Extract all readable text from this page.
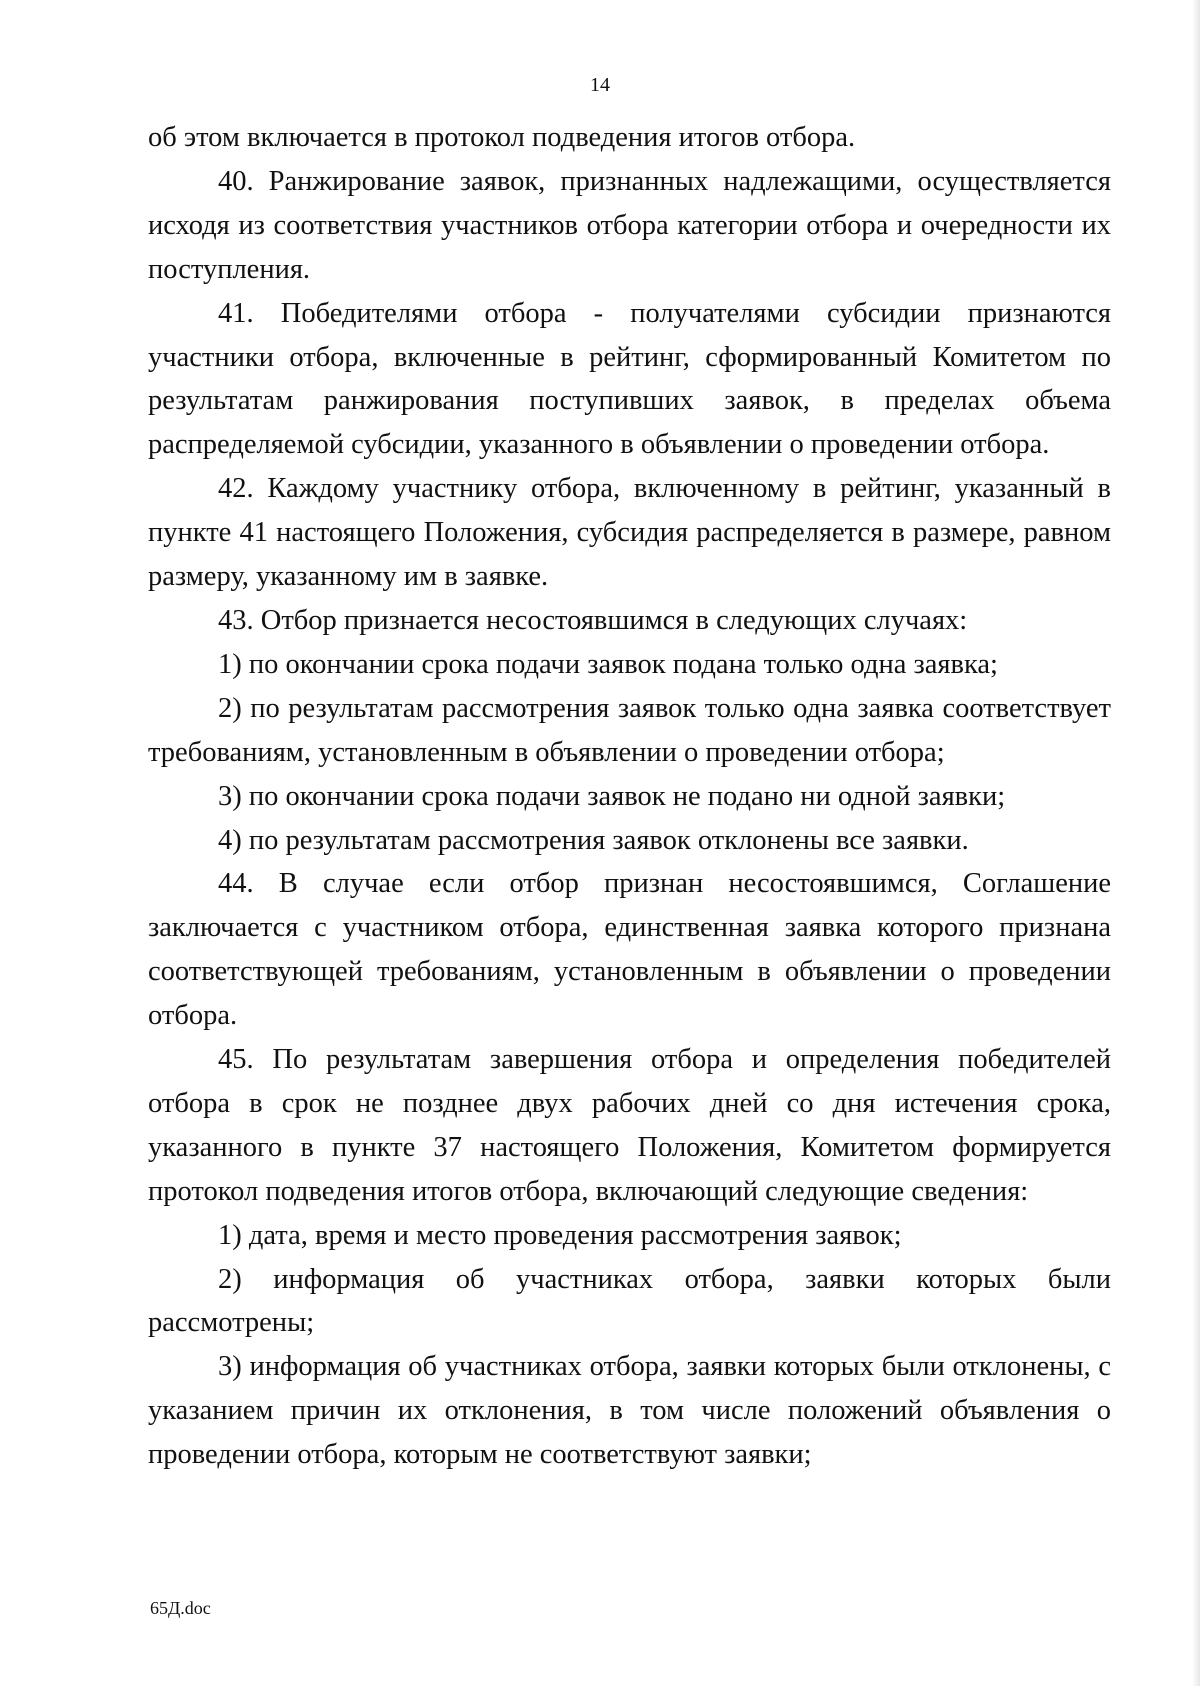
14

об этом включается в протокол подведения итогов отбора.

40. Ранжирование заявок, признанных надлежащими, осуществляется исходя из соответствия участников отбора категории отбора и очередности их поступления.

41. Победителями отбора - получателями субсидии признаются участники отбора, включенные в рейтинг, сформированный Комитетом по результатам ранжирования поступивших заявок, в пределах объема распределяемой субсидии, указанного в объявлении о проведении отбора.

42. Каждому участнику отбора, включенному в рейтинг, указанный в пункте 41 настоящего Положения, субсидия распределяется в размере, равном размеру, указанному им в заявке.

43. Отбор признается несостоявшимся в следующих случаях:

1) по окончании срока подачи заявок подана только одна заявка;

2) по результатам рассмотрения заявок только одна заявка соответствует требованиям, установленным в объявлении о проведении отбора;

3) по окончании срока подачи заявок не подано ни одной заявки;

4) по результатам рассмотрения заявок отклонены все заявки.

44. В случае если отбор признан несостоявшимся, Соглашение заключается с участником отбора, единственная заявка которого признана соответствующей требованиям, установленным в объявлении о проведении отбора.

45. По результатам завершения отбора и определения победителей отбора в срок не позднее двух рабочих дней со дня истечения срока, указанного в пункте 37 настоящего Положения, Комитетом формируется протокол подведения итогов отбора, включающий следующие сведения:

1) дата, время и место проведения рассмотрения заявок;

2) информация об участниках отбора, заявки которых были рассмотрены;

3) информация об участниках отбора, заявки которых были отклонены, с указанием причин их отклонения, в том числе положений объявления о проведении отбора, которым не соответствуют заявки;

65Д.doc
